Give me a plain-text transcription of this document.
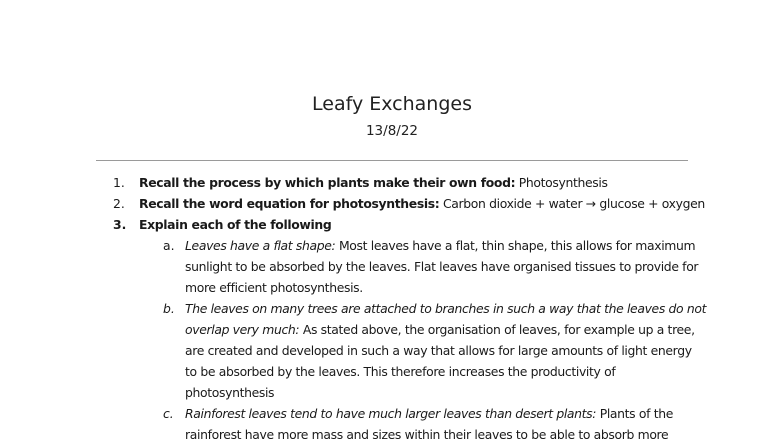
Leafy Exchanges
13/8/22
1. Recall the process by which plants make their own food: Photosynthesis
2. Recall the word equation for photosynthesis: Carbon dioxide + water → glucose + oxygen
3. Explain each of the following
a. Leaves have a flat shape: Most leaves have a flat, thin shape, this allows for maximum
sunlight to be absorbed by the leaves. Flat leaves have organised tissues to provide for
more efficient photosynthesis.
b. The leaves on many trees are attached to branches in such a way that the leaves do not
overlap very much: As stated above, the organisation of leaves, for example up a tree,
are created and developed in such a way that allows for large amounts of light energy
to be absorbed by the leaves. This therefore increases the productivity of
photosynthesis
c. Rainforest leaves tend to have much larger leaves than desert plants: Plants of the
rainforest have more mass and sizes within their leaves to be able to absorb more
